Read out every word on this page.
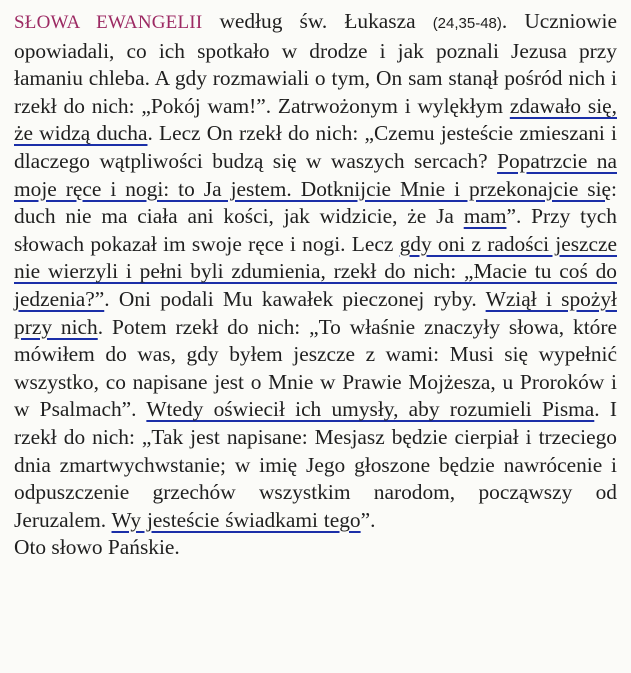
SŁOWA EWANGELII według św. Łukasza (24,35-48). Uczniowie opowiadali, co ich spotkało w drodze i jak poznali Jezusa przy łamaniu chleba. A gdy rozmawiali o tym, On sam stanął pośród nich i rzekł do nich: „Pokój wam!”. Zatrwożonym i wylękłym zdawało się, że widzą ducha. Lecz On rzekł do nich: „Czemu jesteście zmieszani i dlaczego wątpliwości budzą się w waszych sercach? Popatrzcie na moje ręce i nogi: to Ja jestem. Dotknijcie Mnie i przekonajcie się: duch nie ma ciała ani kości, jak widzicie, że Ja mam”. Przy tych słowach pokazał im swoje ręce i nogi. Lecz gdy oni z radości jeszcze nie wierzyli i pełni byli zdumienia, rzekł do nich: „Macie tu coś do jedzenia?”. Oni podali Mu kawałek pieczonej ryby. Wziął i spożył przy nich. Potem rzekł do nich: „To właśnie znaczyły słowa, które mówiłem do was, gdy byłem jeszcze z wami: Musi się wypełnić wszystko, co napisane jest o Mnie w Prawie Mojżesza, u Proroków i w Psalmach”. Wtedy oświecił ich umysły, aby rozumieli Pisma. I rzekł do nich: „Tak jest napisane: Mesjasz będzie cierpiał i trzeciego dnia zmartwychwstanie; w imię Jego głoszone będzie nawrócenie i odpuszczenie grzechów wszystkim narodom, począwszy od Jeruzalem. Wy jesteście świadkami tego”.

Oto słowo Pańskie.
